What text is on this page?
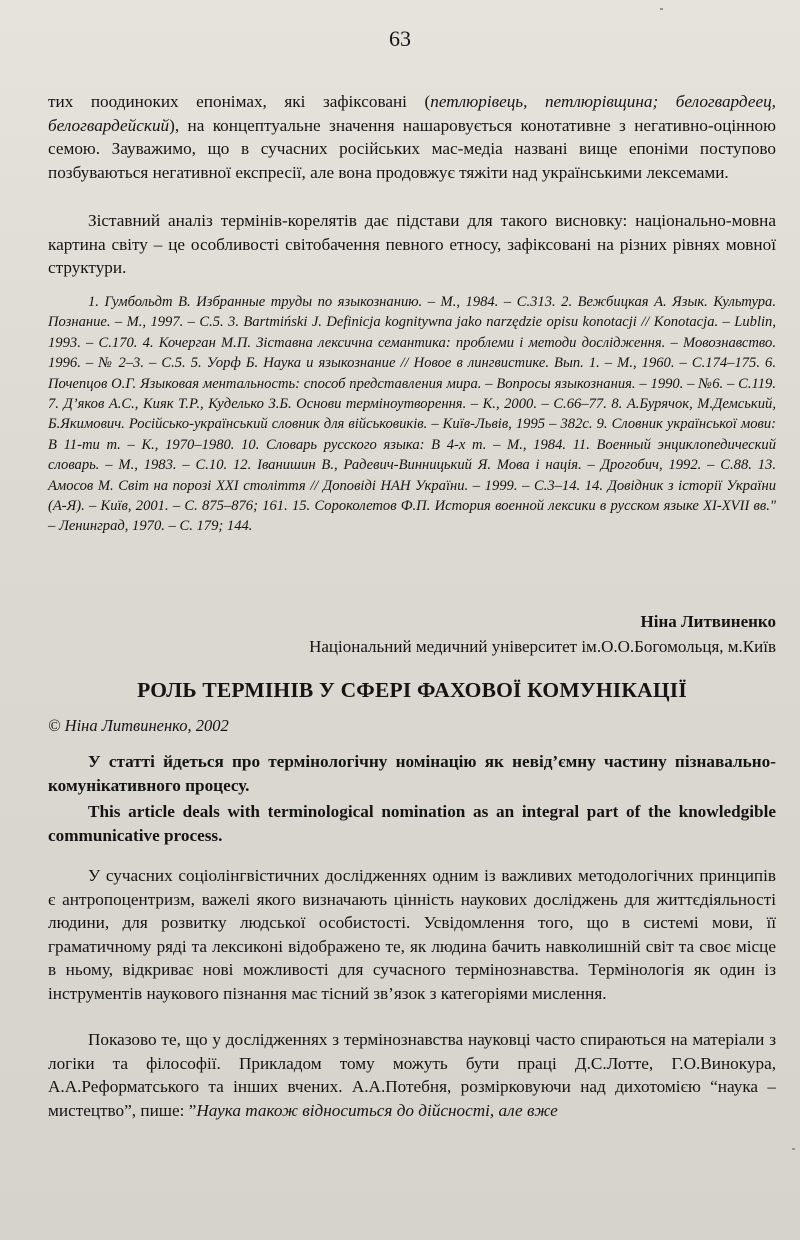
63

тих поодиноких епонімах, які зафіксовані (петлюрівець, петлюрівщина; белогвардеец, белогвардейский), на концептуальне значення нашаровується конотативне з негативно-оцінною семою. Зауважимо, що в сучасних російських мас-медіа названі вище епоніми поступово позбуваються негативної експресії, але вона продовжує тяжіти над українськими лексемами.

Зіставний аналіз термінів-корелятів дає підстави для такого висновку: національно-мовна картина світу – це особливості світобачення певного етносу, зафіксовані на різних рівнях мовної структури.

1. Гумбольдт В. Избранные труды по языкознанию. – М., 1984. – С.313. 2. Вежбицкая А. Язык. Культура. Познание. – М., 1997. – С.5. 3. Bartmiński J. Definicja kognitywna jako narzędzie opisu konotacji // Konotacja. – Lublin, 1993. – С.170. 4. Кочерган М.П. Зіставна лексична семантика: проблеми і методи дослідження. – Мовознавство. 1996. – № 2–3. – С.5. 5. Уорф Б. Наука и языкознание // Новое в лингвистике. Вып. 1. – М., 1960. – С.174–175. 6. Почепцов О.Г. Языковая ментальность: способ представления мира. – Вопросы языкознания. – 1990. – №6. – С.119. 7. Д’яков А.С., Кияк Т.Р., Куделько З.Б. Основи терміноутворення. – К., 2000. – С.66–77. 8. А.Бурячок, М.Демський, Б.Якимович. Російсько-український словник для військовиків. – Київ-Львів, 1995 – 382с. 9. Словник української мови: В 11-ти т. – К., 1970–1980. 10. Словарь русского языка: В 4-х т. – М., 1984. 11. Военный энциклопедический словарь. – М., 1983. – С.10. 12. Іванишин В., Радевич-Винницький Я. Мова і нація. – Дрогобич, 1992. – С.88. 13. Амосов М. Світ на порозі ХХІ століття // Доповіді НАН України. – 1999. – С.3–14. 14. Довідник з історії України (А-Я). – Київ, 2001. – С. 875–876; 161. 15. Сороколетов Ф.П. История военной лексики в русском языке XI-XVII вв." – Ленинград, 1970. – С. 179; 144.

Ніна Литвиненко

Національний медичний університет ім.О.О.Богомольця, м.Київ

РОЛЬ ТЕРМІНІВ У СФЕРІ ФАХОВОЇ КОМУНІКАЦІЇ

© Ніна Литвиненко, 2002

У статті йдеться про термінологічну номінацію як невід’ємну частину пізнавально-комунікативного процесу.

This article deals with terminological nomination as an integral part of the knowledgible communicative process.

У сучасних соціолінгвістичних дослідженнях одним із важливих методологічних принципів є антропоцентризм, важелі якого визначають цінність наукових досліджень для життєдіяльності людини, для розвитку людської особистості. Усвідомлення того, що в системі мови, її граматичному ряді та лексиконі відображено те, як людина бачить навколишній світ та своє місце в ньому, відкриває нові можливості для сучасного термінознавства. Термінологія як один із інструментів наукового пізнання має тісний зв’язок з категоріями мислення.

Показово те, що у дослідженнях з термінознавства науковці часто спираються на матеріали з логіки та філософії. Прикладом тому можуть бути праці Д.С.Лотте, Г.О.Винокура, А.А.Реформатського та інших вчених. А.А.Потебня, розмірковуючи над дихотомією “наука – мистецтво”, пише: ”Наука також відноситься до дійсності, але вже
